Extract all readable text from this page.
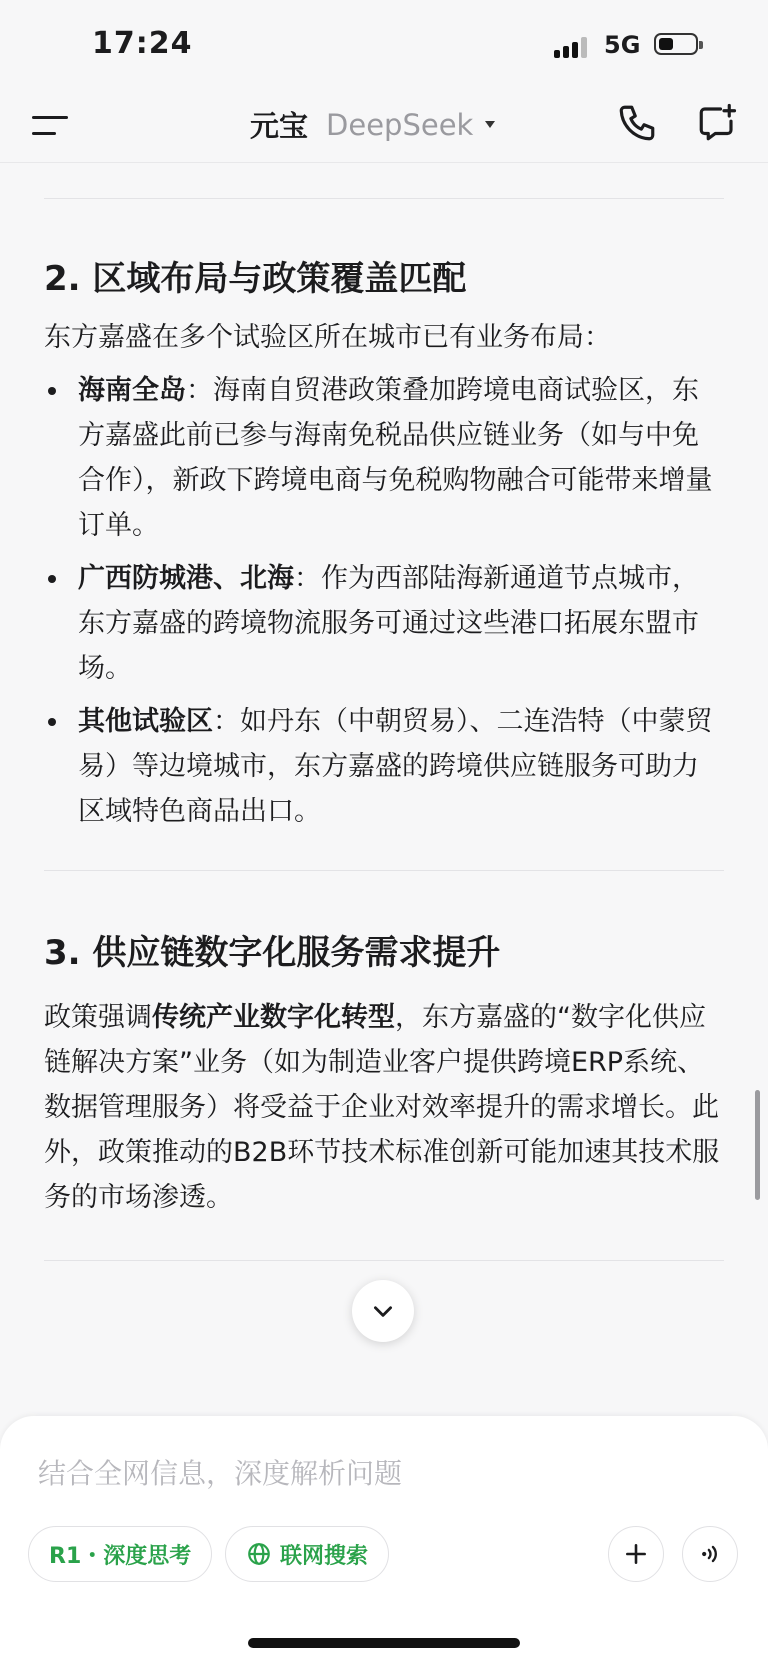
17:24	5G
元宝 DeepSeek
2. 区域布局与政策覆盖匹配

东方嘉盛在多个试验区所在城市已有业务布局：

海南全岛：海南自贸港政策叠加跨境电商试验区，东方嘉盛此前已参与海南免税品供应链业务（如与中免合作），新政下跨境电商与免税购物融合可能带来增量订单。
广西防城港、北海：作为西部陆海新通道节点城市，东方嘉盛的跨境物流服务可通过这些港口拓展东盟市场。
其他试验区：如丹东（中朝贸易）、二连浩特（中蒙贸易）等边境城市，东方嘉盛的跨境供应链服务可助力区域特色商品出口。
3. 供应链数字化服务需求提升

政策强调传统产业数字化转型，东方嘉盛的“数字化供应链解决方案”业务（如为制造业客户提供跨境ERP系统、数据管理服务）将受益于企业对效率提升的需求增长。此外，政策推动的B2B环节技术标准创新可能加速其技术服务的市场渗透。

结合全网信息，深度解析问题
R1・深度思考	联网搜索
